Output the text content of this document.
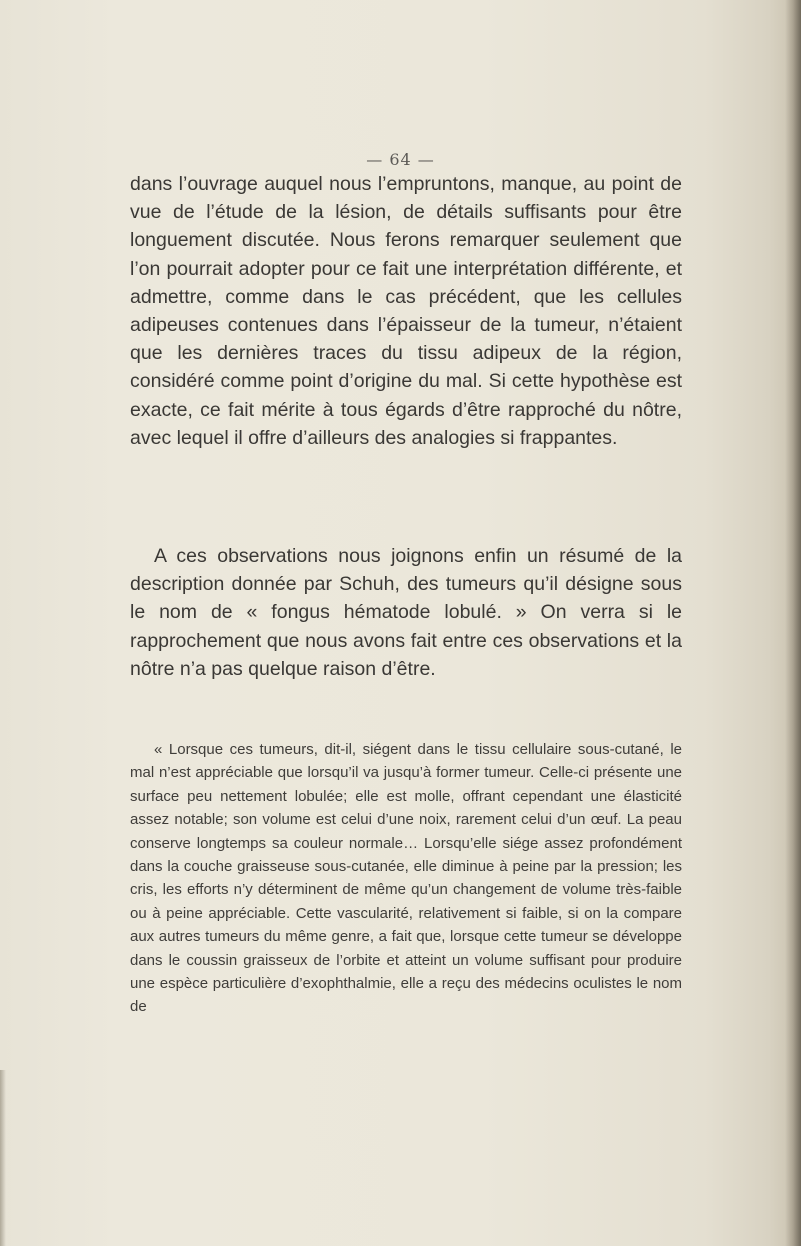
— 64 —

dans l’ouvrage auquel nous l’empruntons, manque, au point de vue de l’étude de la lésion, de détails suffisants pour être longuement discutée. Nous ferons remarquer seulement que l’on pourrait adopter pour ce fait une interprétation différente, et admettre, comme dans le cas précédent, que les cellules adipeuses contenues dans l’épaisseur de la tumeur, n’étaient que les dernières traces du tissu adipeux de la région, considéré comme point d’origine du mal. Si cette hypothèse est exacte, ce fait mérite à tous égards d’être rapproché du nôtre, avec lequel il offre d’ailleurs des analogies si frappantes.

A ces observations nous joignons enfin un résumé de la description donnée par Schuh, des tumeurs qu’il désigne sous le nom de « fongus hématode lobulé. » On verra si le rapprochement que nous avons fait entre ces observations et la nôtre n’a pas quelque raison d’être.

« Lorsque ces tumeurs, dit-il, siégent dans le tissu cellulaire sous-cutané, le mal n’est appréciable que lorsqu’il va jusqu’à former tumeur. Celle-ci présente une surface peu nettement lobulée; elle est molle, offrant cependant une élasticité assez notable; son volume est celui d’une noix, rarement celui d’un œuf. La peau conserve longtemps sa couleur normale… Lorsqu’elle siége assez profondément dans la couche graisseuse sous-cutanée, elle diminue à peine par la pression; les cris, les efforts n’y déterminent de même qu’un changement de volume très-faible ou à peine appréciable. Cette vascularité, relativement si faible, si on la compare aux autres tumeurs du même genre, a fait que, lorsque cette tumeur se développe dans le coussin graisseux de l’orbite et atteint un volume suffisant pour produire une espèce particulière d’exophthalmie, elle a reçu des médecins oculistes le nom de
